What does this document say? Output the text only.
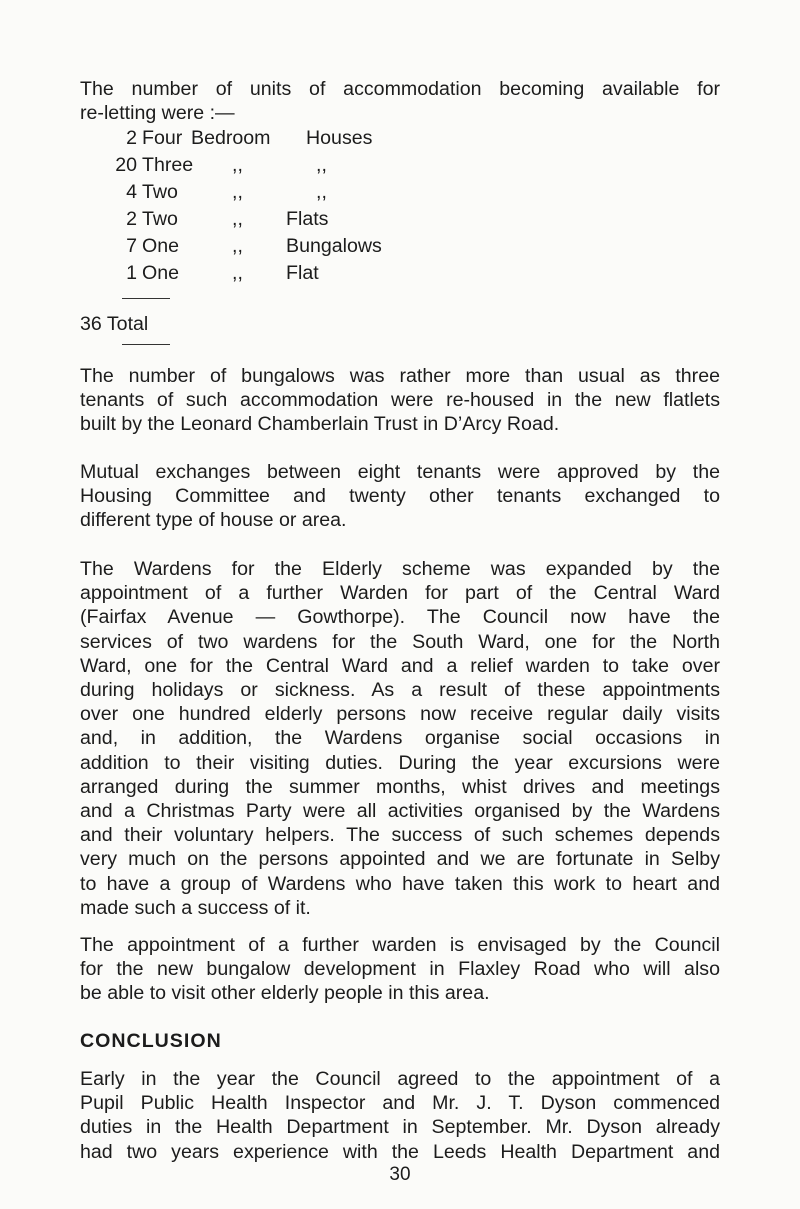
The number of units of accommodation becoming available for
re-letting were :—

2 Four Bedroom Houses
20 Three ,,	,,
4 Two	,,	,,
2 Two	,, Flats
7 One	,, Bungalows
1 One	,, Flat
36 Total

The number of bungalows was rather more than usual as three
tenants of such accommodation were re-housed in the new flatlets
built by the Leonard Chamberlain Trust in D’Arcy Road.

Mutual exchanges between eight tenants were approved by the
Housing Committee and twenty other tenants exchanged to
different type of house or area.

The Wardens for the Elderly scheme was expanded by the
appointment of a further Warden for part of the Central Ward
(Fairfax Avenue — Gowthorpe). The Council now have the
services of two wardens for the South Ward, one for the North
Ward, one for the Central Ward and a relief warden to take over
during holidays or sickness. As a result of these appointments
over one hundred elderly persons now receive regular daily visits
and, in addition, the Wardens organise social occasions in
addition to their visiting duties. During the year excursions were
arranged during the summer months, whist drives and meetings
and a Christmas Party were all activities organised by the Wardens
and their voluntary helpers. The success of such schemes depends
very much on the persons appointed and we are fortunate in Selby
to have a group of Wardens who have taken this work to heart and
made such a success of it.

The appointment of a further warden is envisaged by the Council
for the new bungalow development in Flaxley Road who will also
be able to visit other elderly people in this area.

CONCLUSION

Early in the year the Council agreed to the appointment of a
Pupil Public Health Inspector and Mr. J. T. Dyson commenced
duties in the Health Department in September. Mr. Dyson already
had two years experience with the Leeds Health Department and

30
